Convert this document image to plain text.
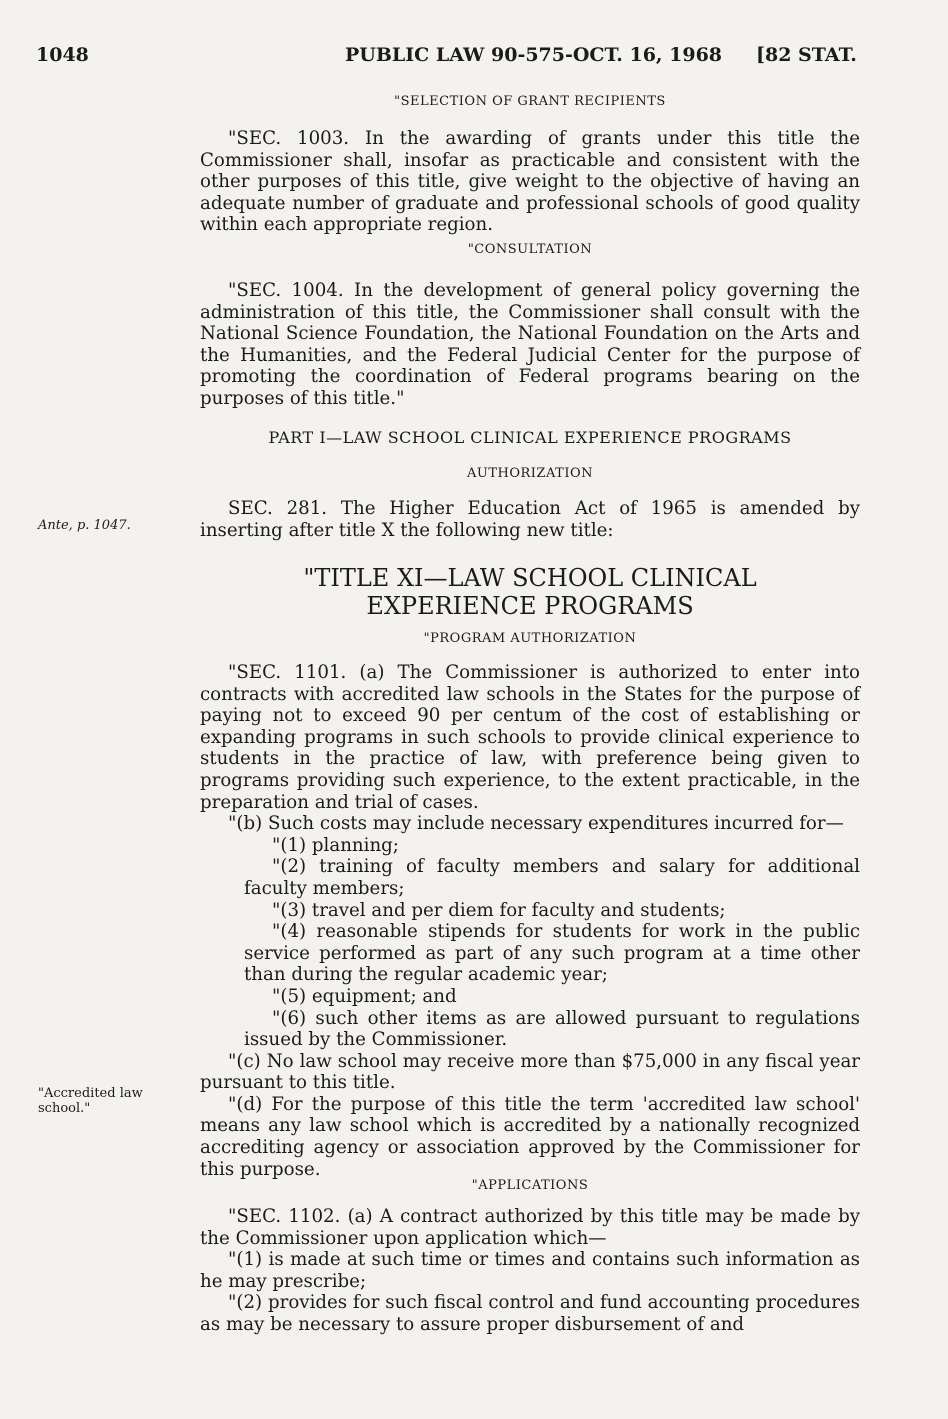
1048	PUBLIC LAW 90-575-OCT. 16, 1968 [82 STAT.
Ante, p. 1047.
"Accredited law
school."

"SELECTION OF GRANT RECIPIENTS

"SEC. 1003. In the awarding of grants under this title the Commissioner shall, insofar as practicable and consistent with the other purposes of this title, give weight to the objective of having an adequate number of graduate and professional schools of good quality within each appropriate region.

"CONSULTATION

"SEC. 1004. In the development of general policy governing the administration of this title, the Commissioner shall consult with the National Science Foundation, the National Foundation on the Arts and the Humanities, and the Federal Judicial Center for the purpose of promoting the coordination of Federal programs bearing on the purposes of this title."

PART I—LAW SCHOOL CLINICAL EXPERIENCE PROGRAMS

AUTHORIZATION

SEC. 281. The Higher Education Act of 1965 is amended by inserting after title X the following new title:

"TITLE XI—LAW SCHOOL CLINICAL

EXPERIENCE PROGRAMS

"PROGRAM AUTHORIZATION

"SEC. 1101. (a) The Commissioner is authorized to enter into contracts with accredited law schools in the States for the purpose of paying not to exceed 90 per centum of the cost of establishing or expanding programs in such schools to provide clinical experience to students in the practice of law, with preference being given to programs providing such experience, to the extent practicable, in the preparation and trial of cases.

"(b) Such costs may include necessary expenditures incurred for—

"(1) planning;

"(2) training of faculty members and salary for additional faculty members;

"(3) travel and per diem for faculty and students;

"(4) reasonable stipends for students for work in the public service performed as part of any such program at a time other than during the regular academic year;

"(5) equipment; and

"(6) such other items as are allowed pursuant to regulations issued by the Commissioner.

"(c) No law school may receive more than $75,000 in any fiscal year pursuant to this title.

"(d) For the purpose of this title the term 'accredited law school' means any law school which is accredited by a nationally recognized accrediting agency or association approved by the Commissioner for this purpose.

"APPLICATIONS

"SEC. 1102. (a) A contract authorized by this title may be made by the Commissioner upon application which—

"(1) is made at such time or times and contains such information as he may prescribe;

"(2) provides for such fiscal control and fund accounting procedures as may be necessary to assure proper disbursement of and
